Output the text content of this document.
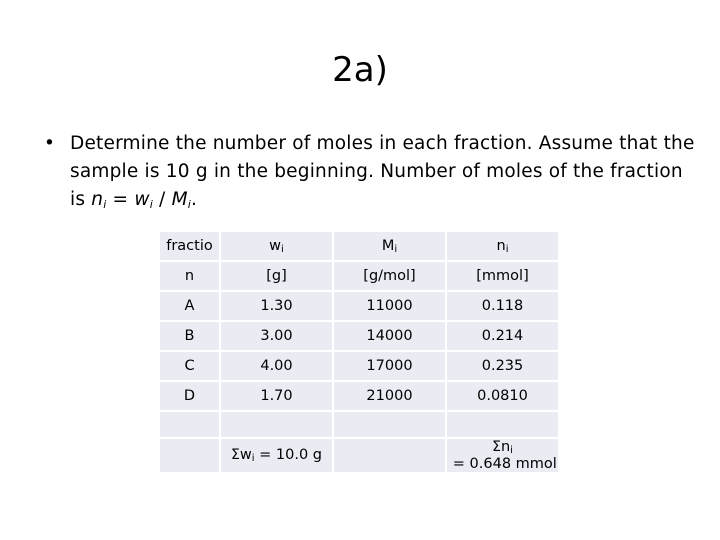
2a)
• Determine the number of moles in each fraction. Assume that the sample is 10 g in the beginning. Number of moles of the fraction is $n_i = w_i / M_i$.
fractio	$w_i$	$M_i$	$n_i$
n	[g]	[g/mol]	[mmol]
A	1.30	11000	0.118
B	3.00	14000	0.214
C	4.00	17000	0.235
D	1.70	21000	0.0810

	$\Sigma w_i = 10.0$ g		$\Sigma n_i = 0.648$ mmol
